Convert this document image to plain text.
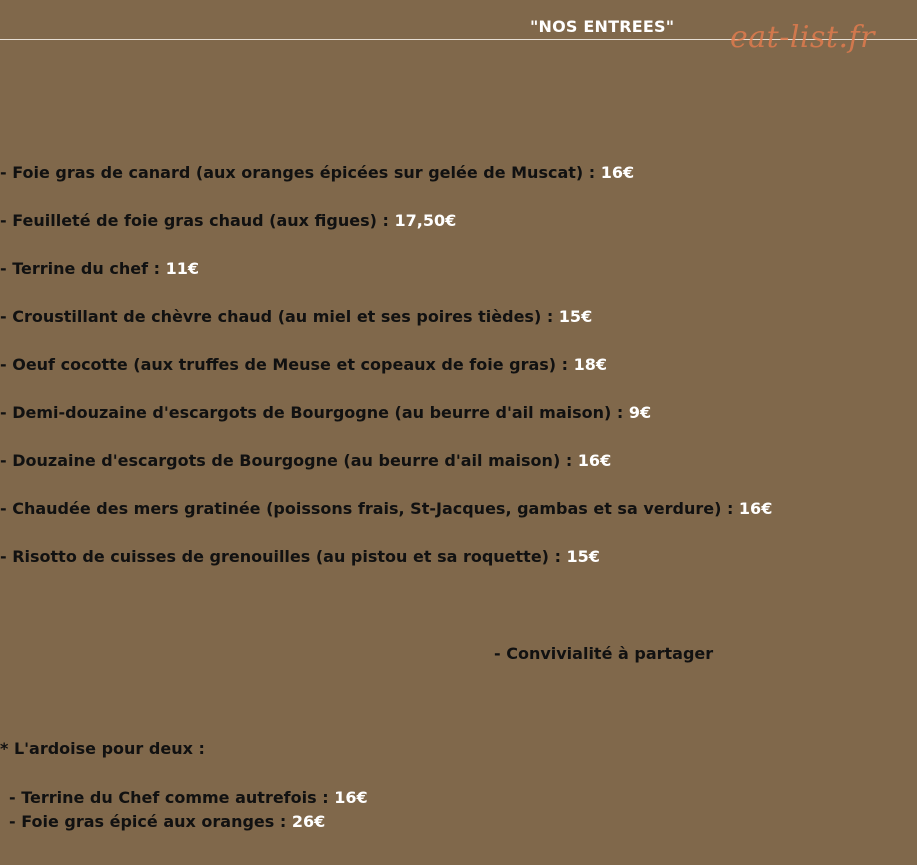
"NOS ENTREES" eat-list.fr
- Foie gras de canard (aux oranges épicées sur gelée de Muscat) : 16€
- Feuilleté de foie gras chaud (aux figues) : 17,50€
- Terrine du chef : 11€
- Croustillant de chèvre chaud (au miel et ses poires tièdes) : 15€
- Oeuf cocotte (aux truffes de Meuse et copeaux de foie gras) : 18€
- Demi-douzaine d'escargots de Bourgogne (au beurre d'ail maison) : 9€
- Douzaine d'escargots de Bourgogne (au beurre d'ail maison) : 16€
- Chaudée des mers gratinée (poissons frais, St-Jacques, gambas et sa verdure) : 16€
- Risotto de cuisses de grenouilles (au pistou et sa roquette) : 15€
- Convivialité à partager
* L'ardoise pour deux :
- Terrine du Chef comme autrefois : 16€
- Foie gras épicé aux oranges : 26€
